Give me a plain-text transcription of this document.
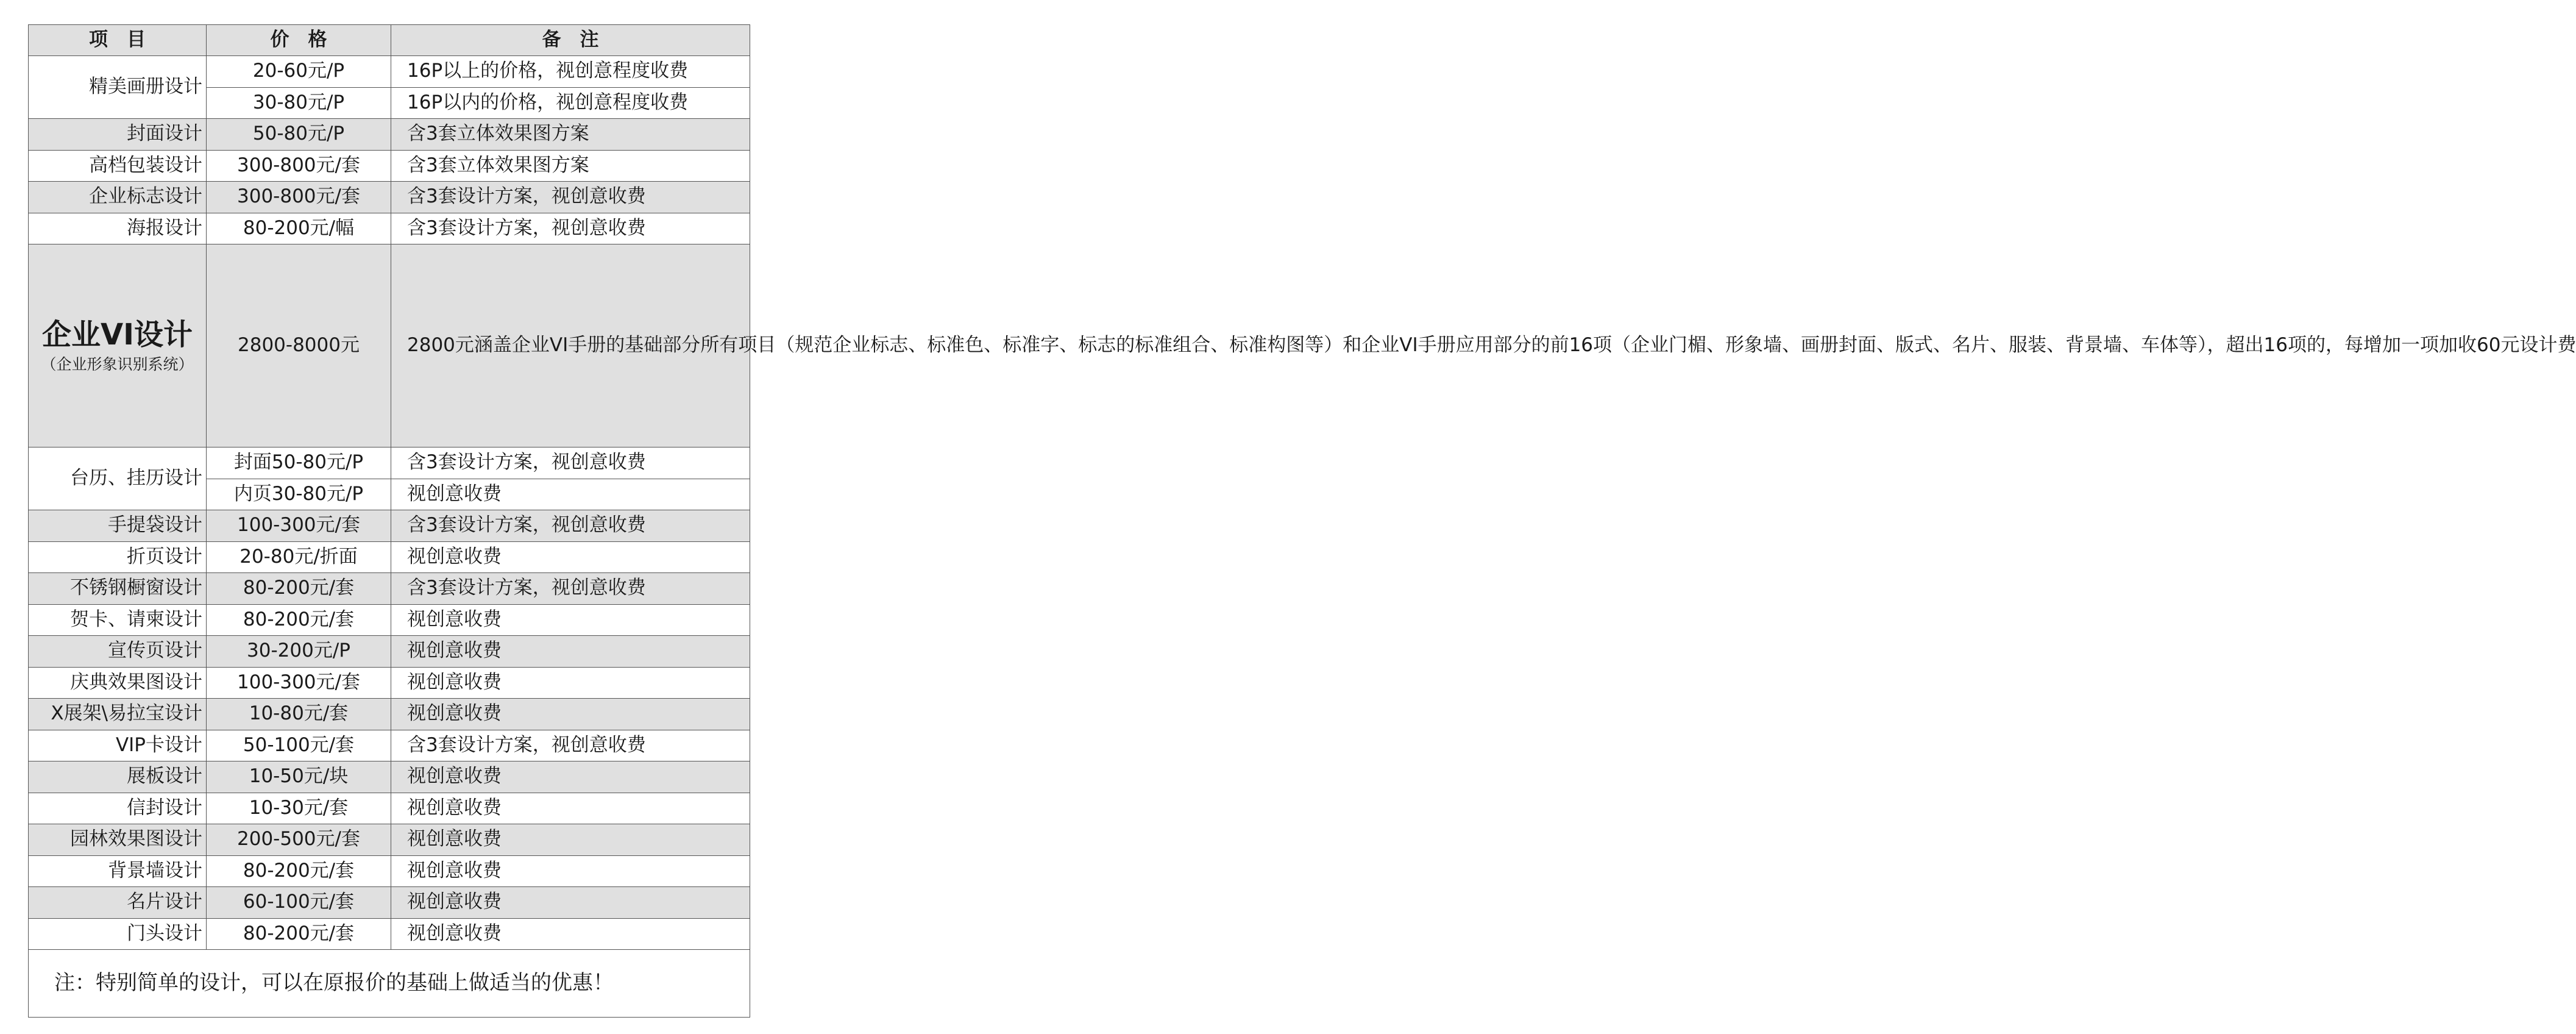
项　目	价　格	备　注
精美画册设计	20-60元/P	16P以上的价格，视创意程度收费
	30-80元/P	16P以内的价格，视创意程度收费
封面设计	50-80元/P	含3套立体效果图方案
高档包装设计	300-800元/套	含3套立体效果图方案
企业标志设计	300-800元/套	含3套设计方案，视创意收费
海报设计	80-200元/幅	含3套设计方案，视创意收费

企业VI设计
（企业形象识别系统）	2800-8000元	2800元涵盖企业VI手册的基础部分所有项目（规范企业标志、标准色、标准字、标志的标准组合、标准构图等）和企业VI手册应用部分的前16项（企业门楣、形象墙、画册封面、版式、名片、服装、背景墙、车体等），超出16项的，每增加一项加收60元设计费
台历、挂历设计	封面50-80元/P	含3套设计方案，视创意收费
	内页30-80元/P	视创意收费
手提袋设计	100-300元/套	含3套设计方案，视创意收费
折页设计	20-80元/折面	视创意收费
不锈钢橱窗设计	80-200元/套	含3套设计方案，视创意收费
贺卡、请柬设计	80-200元/套	视创意收费
宣传页设计	30-200元/P	视创意收费
庆典效果图设计	100-300元/套	视创意收费
X展架\易拉宝设计	10-80元/套	视创意收费
VIP卡设计	50-100元/套	含3套设计方案，视创意收费
展板设计	10-50元/块	视创意收费
信封设计	10-30元/套	视创意收费
园林效果图设计	200-500元/套	视创意收费
背景墙设计	80-200元/套	视创意收费
名片设计	60-100元/套	视创意收费
门头设计	80-200元/套	视创意收费
注：特别简单的设计，可以在原报价的基础上做适当的优惠！		
